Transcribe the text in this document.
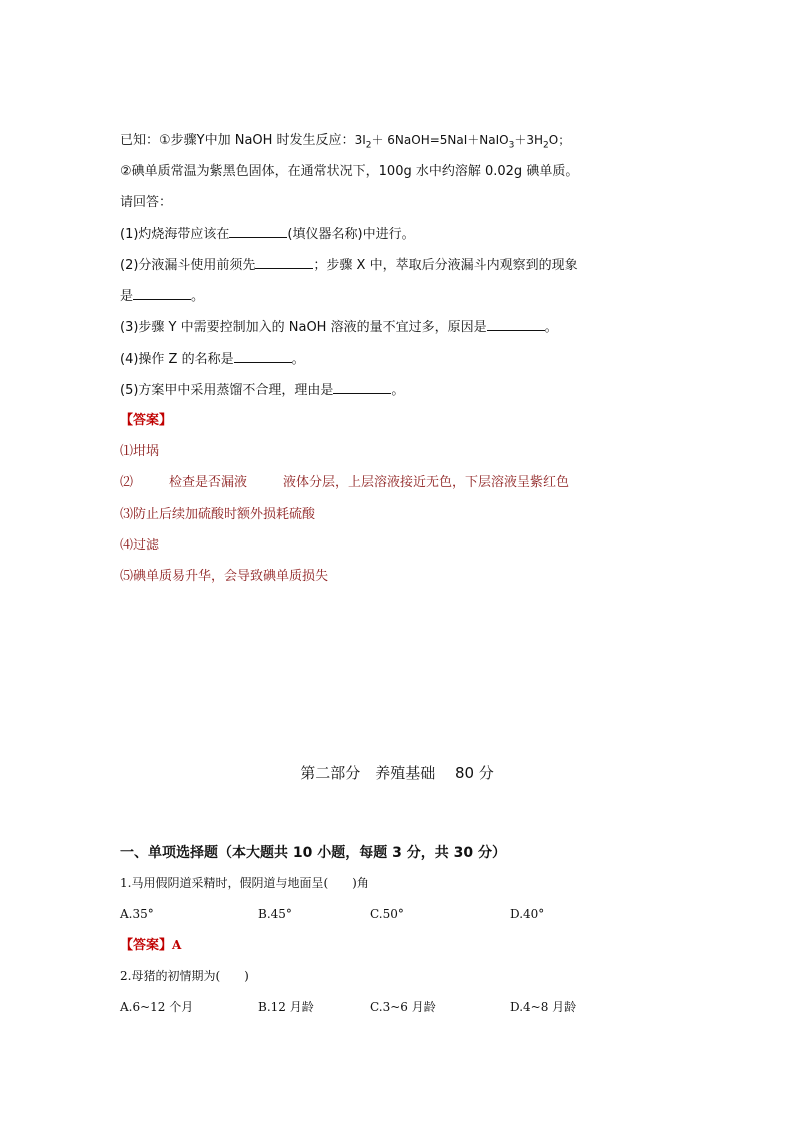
已知：①步骤Y中加 NaOH 时发生反应：$3I_2+$ $6NaOH=5NaI+NaIO_3+3H_2O$；
②碘单质常温为紫黑色固体，在通常状况下，100g 水中约溶解 0.02g 碘单质。
请回答：
(1)灼烧海带应该在	(填仪器名称)中进行。
(2)分液漏斗使用前须先	；步骤 X 中，萃取后分液漏斗内观察到的现象
是	。
(3)步骤 Y 中需要控制加入的 NaOH 溶液的量不宜过多，原因是	。
(4)操作 Z 的名称是	。
(5)方案甲中采用蒸馏不合理，理由是	。
【答案】
⑴坩埚
⑵	检查是否漏液	液体分层，上层溶液接近无色，下层溶液呈紫红色
⑶防止后续加硫酸时额外损耗硫酸
⑷过滤
⑸碘单质易升华，会导致碘单质损失
第二部分　养殖基础　 80 分
一、单项选择题（本大题共 10 小题，每题 3 分，共 30 分）
1.马用假阴道采精时，假阴道与地面呈(　　)角
A.35°	B.45°	C.50°	D.40°
【答案】A
2.母猪的初情期为(　　)
A.6~12 个月	B.12 月龄	C.3~6 月龄	D.4~8 月龄
